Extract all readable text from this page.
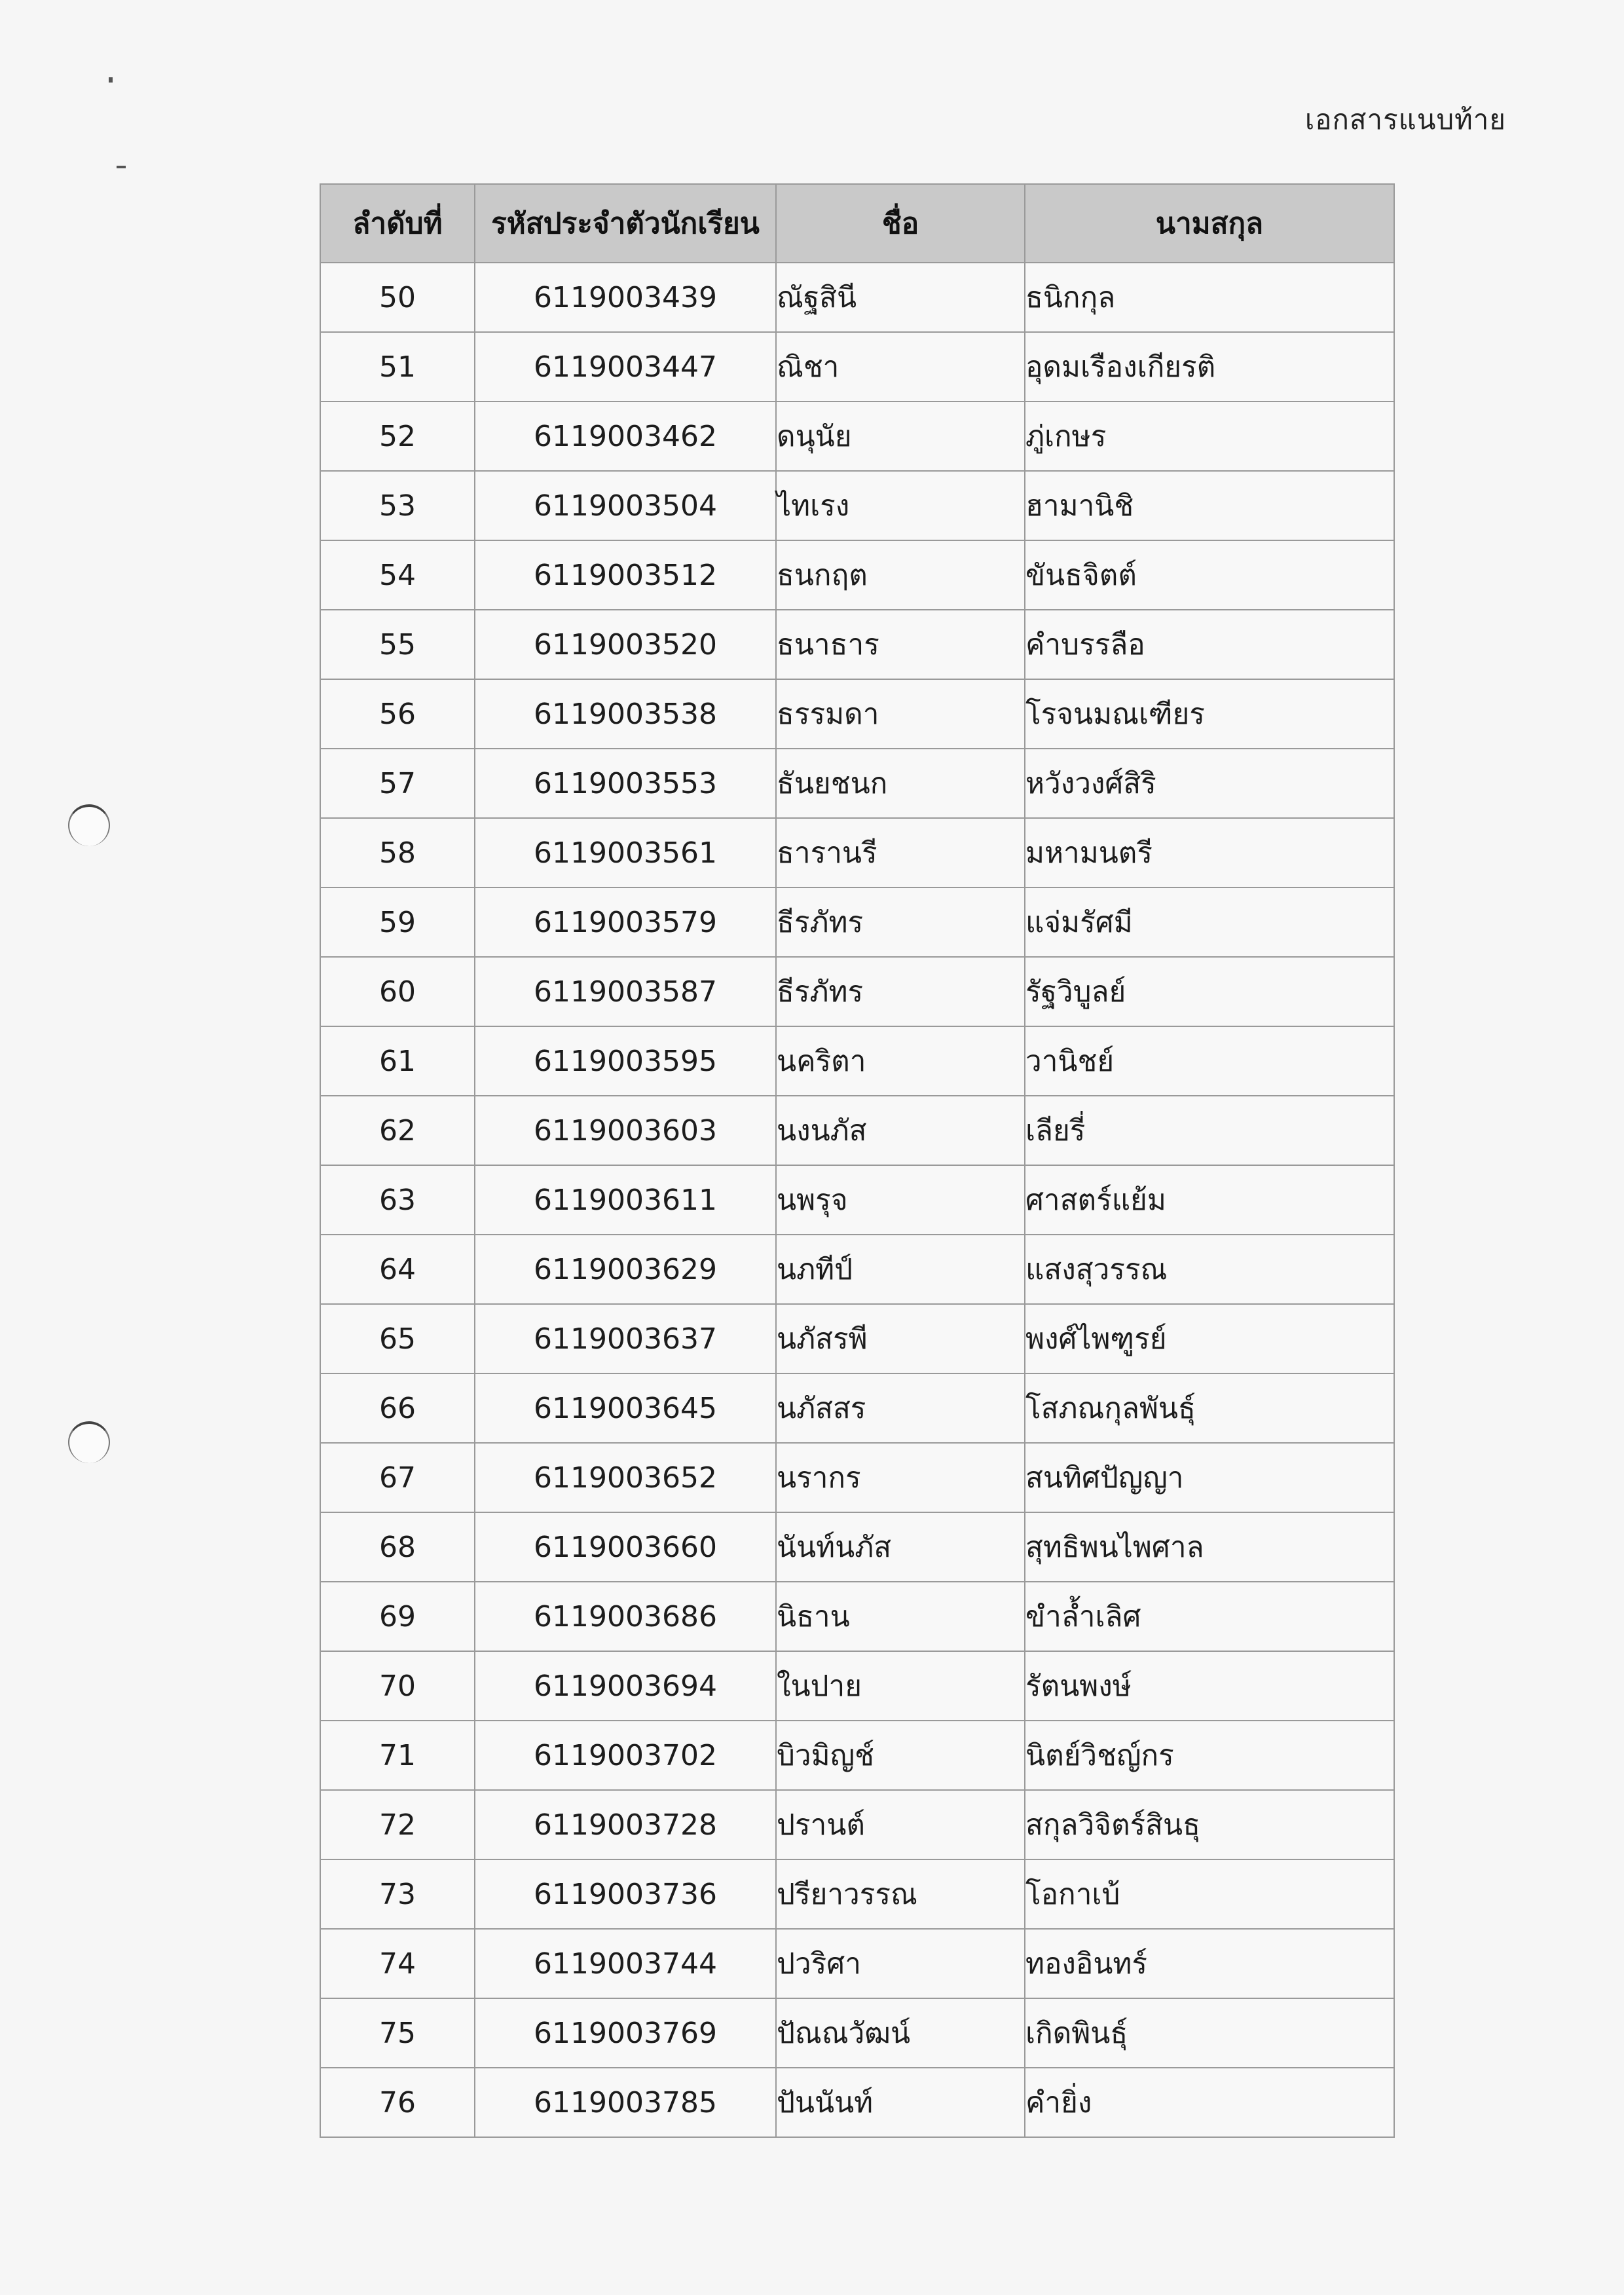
เอกสารแนบท้าย
ลำดับที่	รหัสประจำตัวนักเรียน	ชื่อ	นามสกุล
50	6119003439	ณัฐสินี	ธนิกกุล
51	6119003447	ณิชา	อุดมเรืองเกียรติ
52	6119003462	ดนุนัย	ภู่เกษร
53	6119003504	ไทเรง	ฮามานิชิ
54	6119003512	ธนกฤต	ขันธจิตต์
55	6119003520	ธนาธาร	คำบรรลือ
56	6119003538	ธรรมดา	โรจนมณเฑียร
57	6119003553	ธันยชนก	หวังวงศ์สิริ
58	6119003561	ธารานรี	มหามนตรี
59	6119003579	ธีรภัทร	แจ่มรัศมี
60	6119003587	ธีรภัทร	รัฐวิบูลย์
61	6119003595	นคริตา	วานิชย์
62	6119003603	นงนภัส	เลียรี่
63	6119003611	นพรุจ	ศาสตร์แย้ม
64	6119003629	นภทีป์	แสงสุวรรณ
65	6119003637	นภัสรพี	พงศ์ไพฑูรย์
66	6119003645	นภัสสร	โสภณกุลพันธุ์
67	6119003652	นรากร	สนทิศปัญญา
68	6119003660	นันท์นภัส	สุทธิพนไพศาล
69	6119003686	นิธาน	ขำล้ำเลิศ
70	6119003694	ในปาย	รัตนพงษ์
71	6119003702	บิวมิญช์	นิตย์วิชญ์กร
72	6119003728	ปรานต์	สกุลวิจิตร์สินธุ
73	6119003736	ปรียาวรรณ	โอกาเบ้
74	6119003744	ปวริศา	ทองอินทร์
75	6119003769	ปัณณวัฒน์	เกิดพินธุ์
76	6119003785	ปันนันท์	คำยิ่ง
